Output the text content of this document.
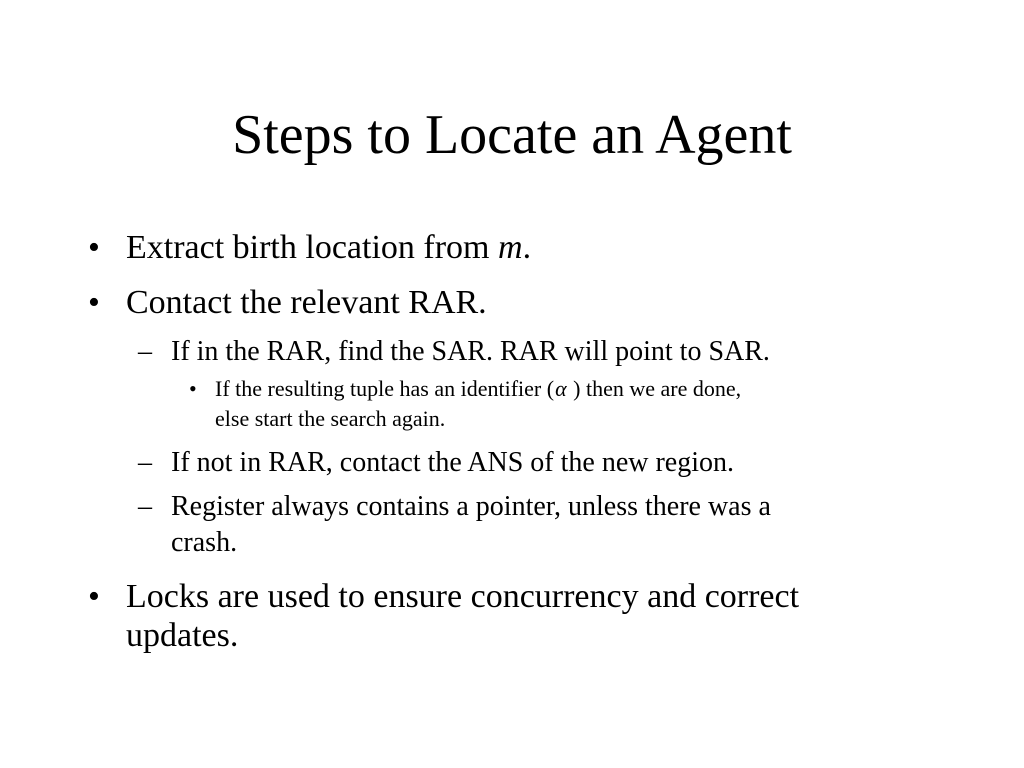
Steps to Locate an Agent
• Extract birth location from m.
• Contact the relevant RAR.
– If in the RAR, find the SAR. RAR will point to SAR.
• If the resulting tuple has an identifier (α ) then we are done,
else start the search again.
– If not in RAR, contact the ANS of the new region.
– Register always contains a pointer, unless there was a
crash.
• Locks are used to ensure concurrency and correct
updates.
